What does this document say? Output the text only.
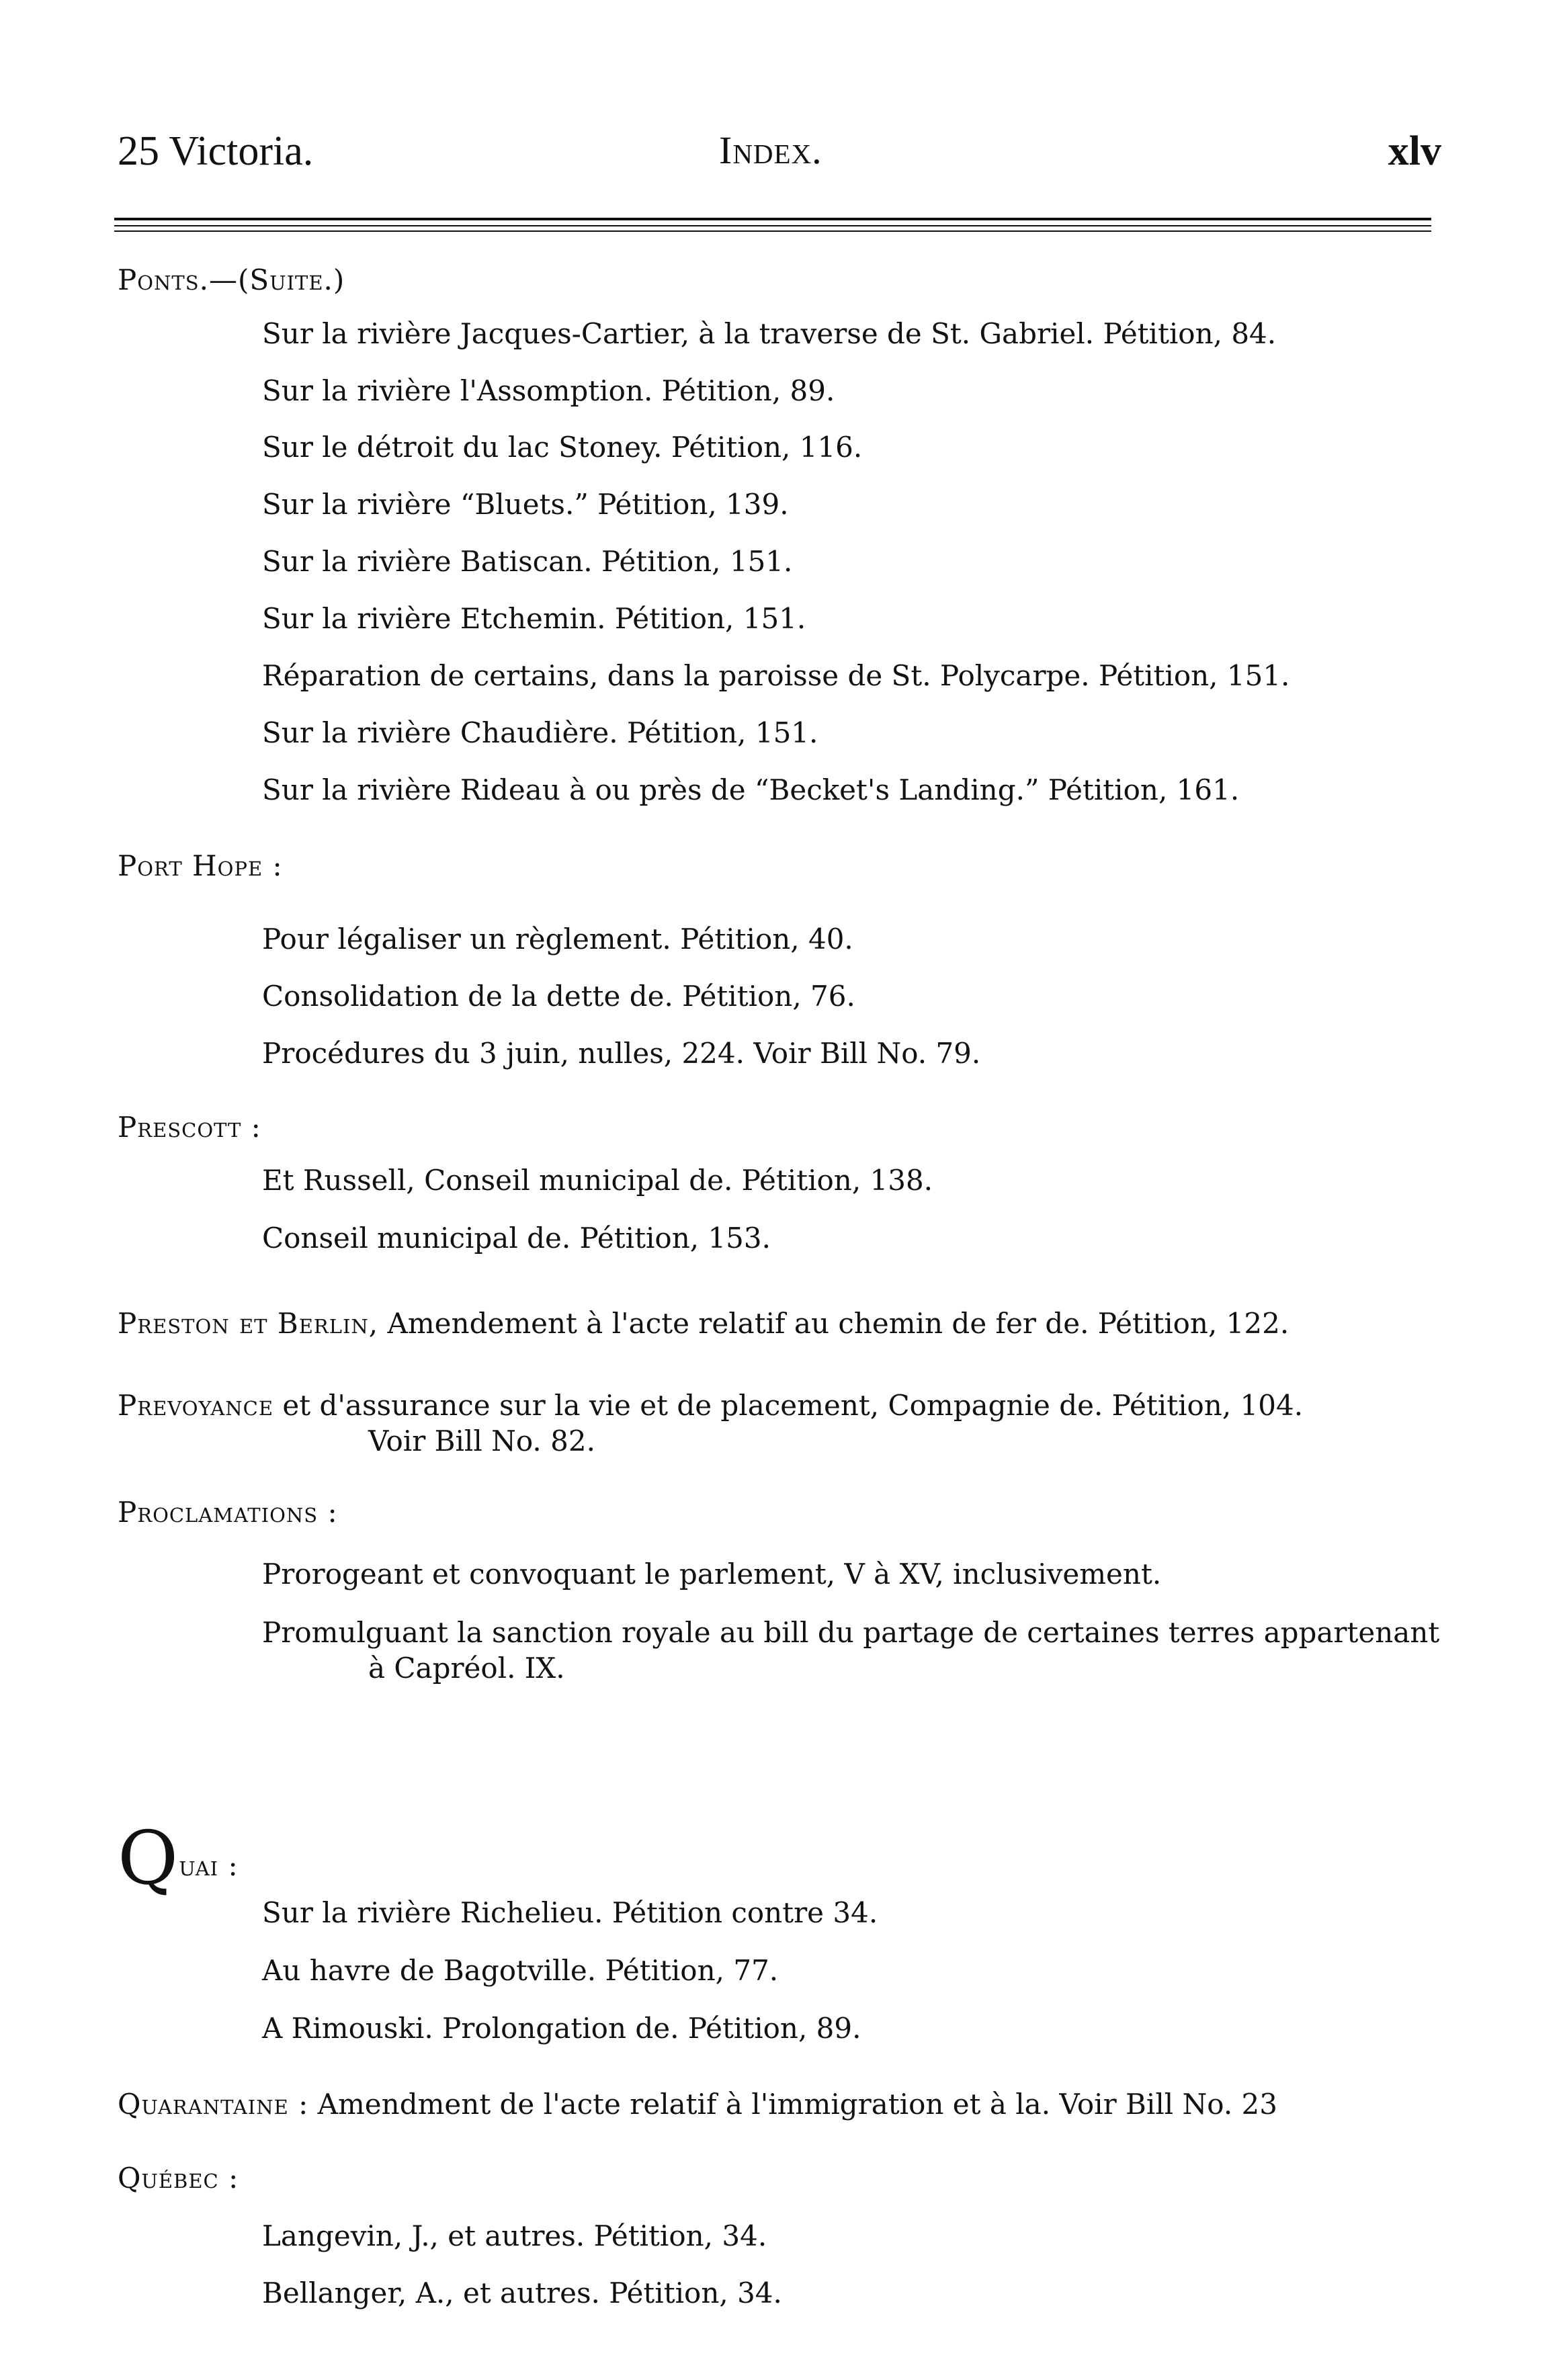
25 Victoria.	Index.	xlv
Ponts.—(Suite.)
Sur la rivière Jacques-Cartier, à la traverse de St. Gabriel. Pétition, 84.
Sur la rivière l'Assomption. Pétition, 89.
Sur le détroit du lac Stoney. Pétition, 116.
Sur la rivière “Bluets.” Pétition, 139.
Sur la rivière Batiscan. Pétition, 151.
Sur la rivière Etchemin. Pétition, 151.
Réparation de certains, dans la paroisse de St. Polycarpe. Pétition, 151.
Sur la rivière Chaudière. Pétition, 151.
Sur la rivière Rideau à ou près de “Becket's Landing.” Pétition, 161.
Port Hope :
Pour légaliser un règlement. Pétition, 40.
Consolidation de la dette de. Pétition, 76.
Procédures du 3 juin, nulles, 224. Voir Bill No. 79.
Prescott :
Et Russell, Conseil municipal de. Pétition, 138.
Conseil municipal de. Pétition, 153.
Preston et Berlin, Amendement à l'acte relatif au chemin de fer de. Pétition, 122.
Prevoyance et d'assurance sur la vie et de placement, Compagnie de. Pétition, 104.
Voir Bill No. 82.
Proclamations :
Prorogeant et convoquant le parlement, V à XV, inclusivement.
Promulguant la sanction royale au bill du partage de certaines terres appartenant
à Capréol. IX.
Quai :
Sur la rivière Richelieu. Pétition contre 34.
Au havre de Bagotville. Pétition, 77.
A Rimouski. Prolongation de. Pétition, 89.
Quarantaine : Amendment de l'acte relatif à l'immigration et à la. Voir Bill No. 23
Québec :
Langevin, J., et autres. Pétition, 34.
Bellanger, A., et autres. Pétition, 34.
